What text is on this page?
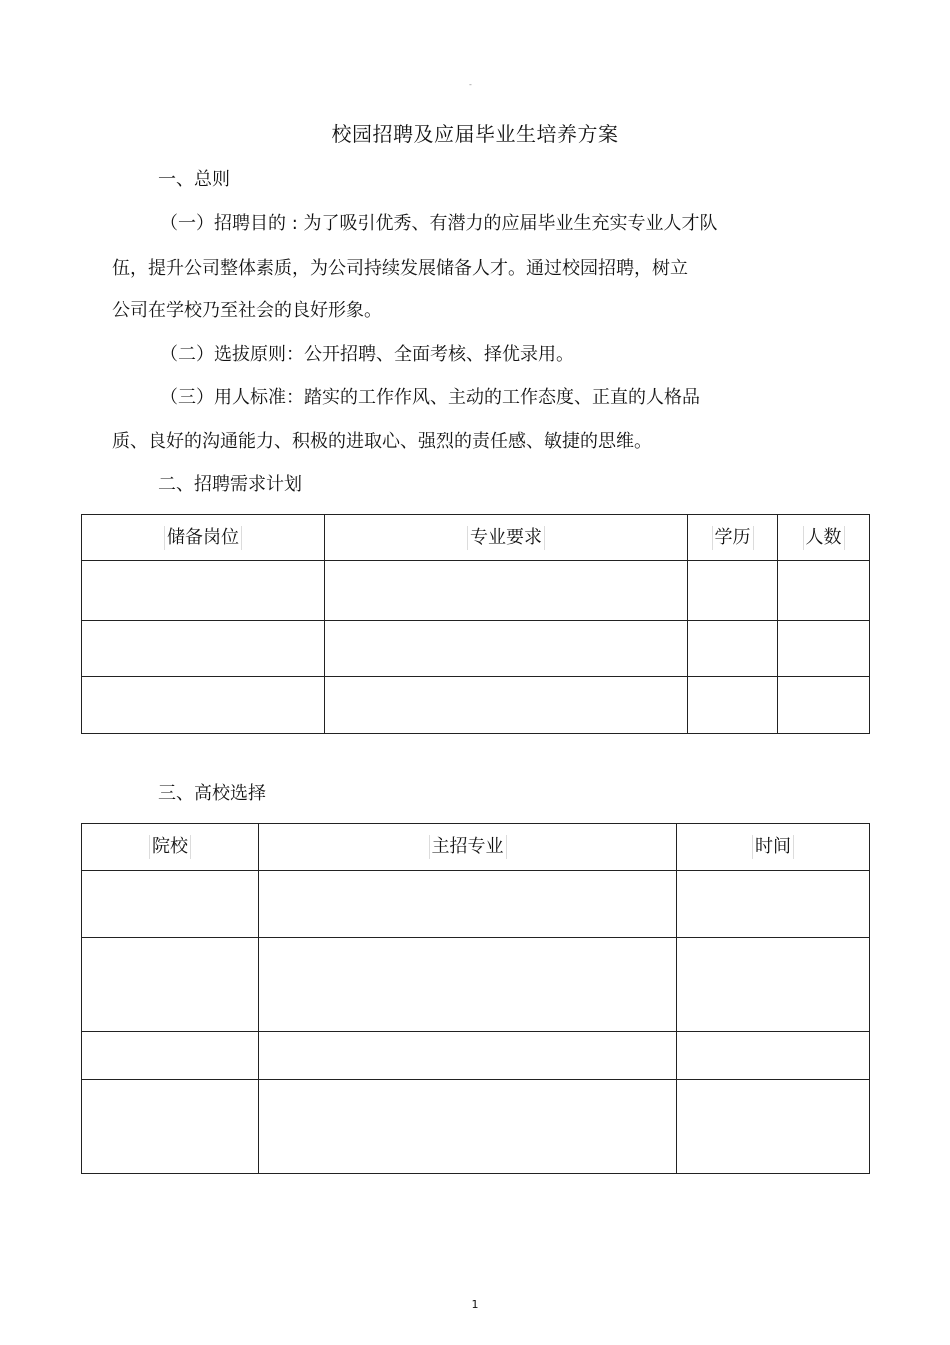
-
校园招聘及应届毕业生培养方案
一、总则
（一）招聘目的 : 为了吸引优秀、有潜力的应届毕业生充实专业人才队
伍，提升公司整体素质，为公司持续发展储备人才。通过校园招聘，树立
公司在学校乃至社会的良好形象。
（二）选拔原则：公开招聘、全面考核、择优录用。
（三）用人标准：踏实的工作作风、主动的工作态度、正直的人格品
质、良好的沟通能力、积极的进取心、强烈的责任感、敏捷的思维。
二、招聘需求计划
储备岗位	专业要求	学历	人数

三、高校选择
院校	主招专业	时间

1
